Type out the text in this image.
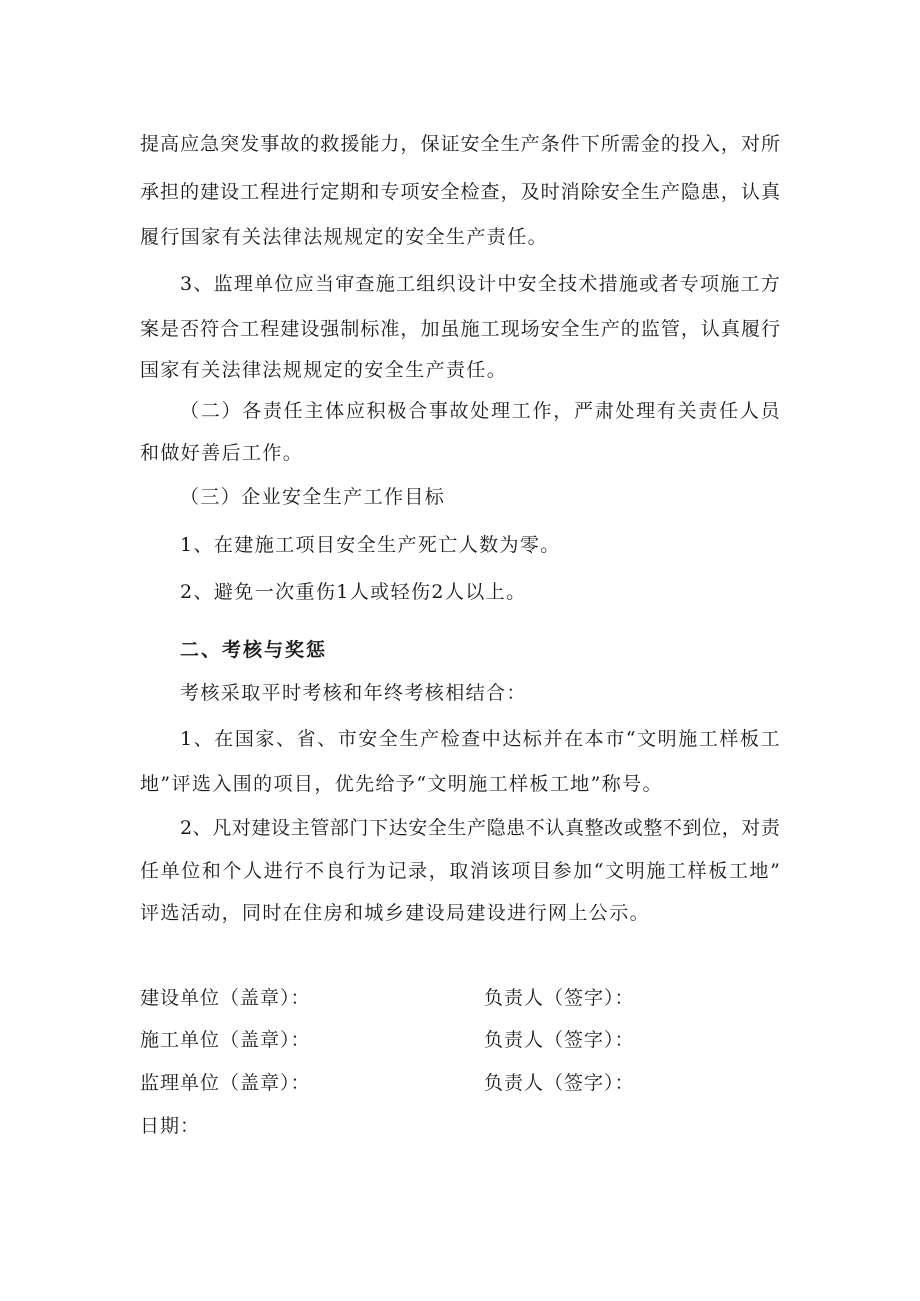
提 高 应 急 突 发 事 故 的 救 援 能 力 ， 保 证 安 全 生 产 条 件 下 所 需 金 的 投 入 ， 对 所
承 担 的 建 设 工 程 进 行 定 期 和 专 项 安 全 检 查 ， 及 时 消 除 安 全 生 产 隐 患 ， 认 真
履行国家有关法律法规规定的安全生产责任。
3 、 监 理 单 位 应 当 审 查 施 工 组 织 设 计 中 安 全 技 术 措 施 或 者 专 项 施 工 方
案 是 否 符 合 工 程 建 设 强 制 标 准 ， 加 虽 施 工 现 场 安 全 生 产 的 监 管 ， 认 真 履 行
国家有关法律法规规定的安全生产责任。
（ 二 ） 各 责 任 主 体 应 积 极 合 事 故 处 理 工 作 ， 严 肃 处 理 有 关 责 任 人 员
和做好善后工作。
（三）企业安全生产工作目标
1、在建施工项目安全生产死亡人数为零。
2、避免一次重伤1人或轻伤2人以上。
二、考核与奖惩
考核采取平时考核和年终考核相结合：
1 、 在 国 家 、 省 、 市 安 全 生 产 检 查 中 达 标 并 在 本 市 “ 文 明 施 工 样 板 工
地”评选入围的项目，优先给予“文明施工样板工地”称号。
2 、 凡 对 建 设 主 管 部 门 下 达 安 全 生 产 隐 患 不 认 真 整 改 或 整 不 到 位 ， 对 责
任 单 位 和 个 人 进 行 不 良 行 为 记 录 ， 取 消 该 项 目 参 加 “ 文 明 施 工 样 板 工 地 ”
评选活动，同时在住房和城乡建设局建设进行网上公示。
建设单位（盖章）：	负责人（签字）：
施工单位（盖章）：	负责人（签字）：
监理单位（盖章）：	负责人（签字）：
日期：
